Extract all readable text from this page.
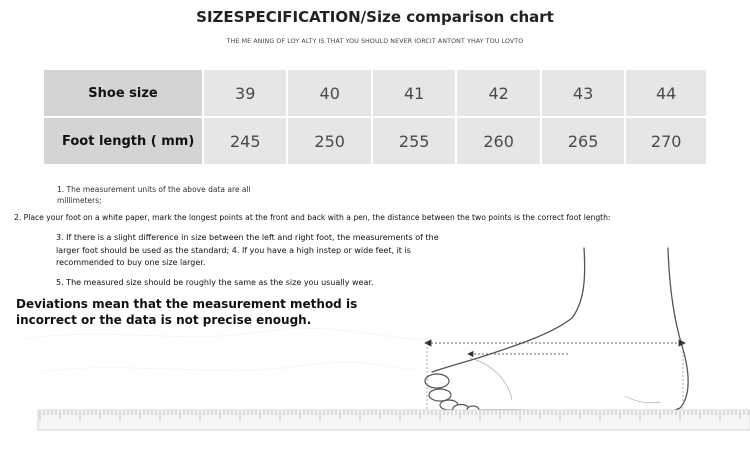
SIZESPECIFICATION/Size comparison chart
THE ME ANING OF LOY ALTY IS THAT YOU SHOULD NEVER IORCIT ANTONT YHAY TOU LOVTO
Shoe size	39	40	41	42	43	44
Foot length ( mm)	245	250	255	260	265	270
1. The measurement units of the above data are all millimeters;
2. Place your foot on a white paper, mark the longest points at the front and back with a pen, the distance between the two points is the correct foot length:
3. If there is a slight difference in size between the left and right foot, the measurements of the larger foot should be used as the standard; 4. If you have a high instep or wide feet, it is recommended to buy one size larger.
5. The measured size should be roughly the same as the size you usually wear.
Deviations mean that the measurement method is incorrect or the data is not precise enough.
